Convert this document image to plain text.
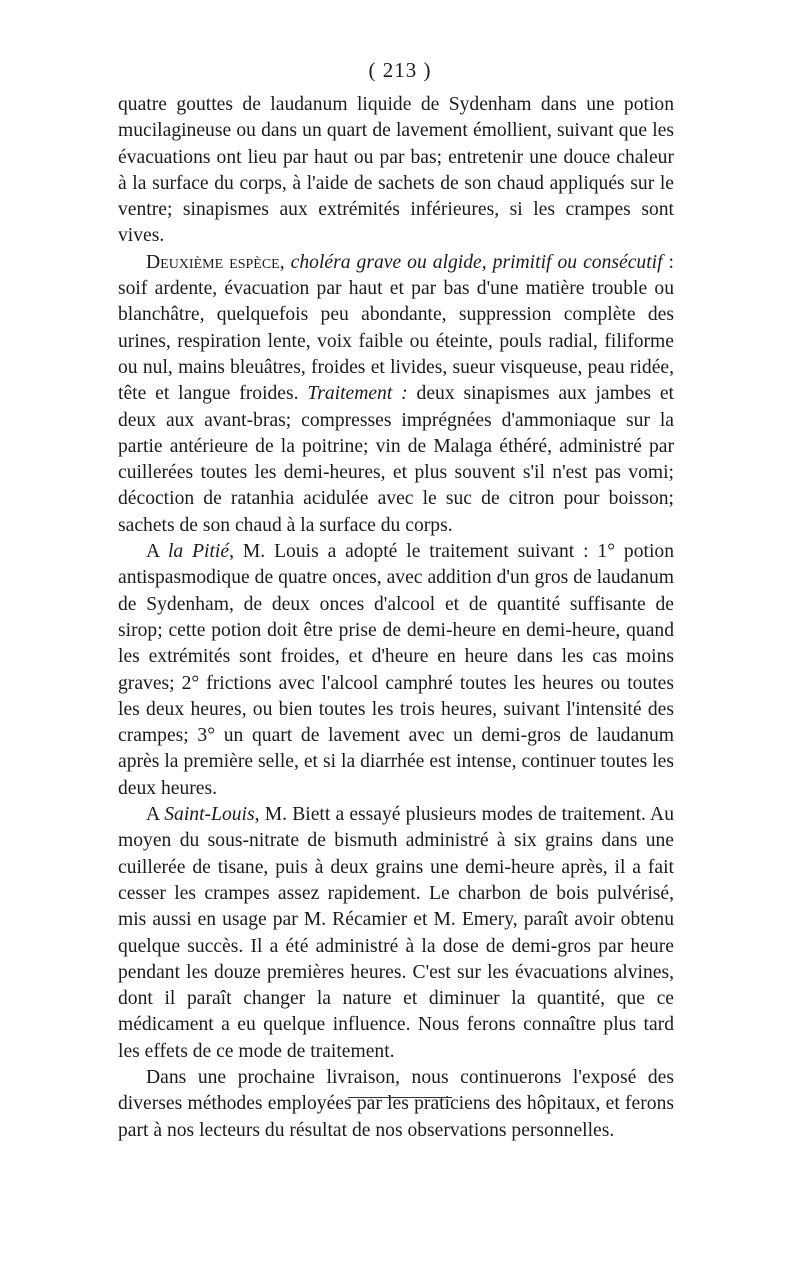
( 213 )

quatre gouttes de laudanum liquide de Sydenham dans une potion mucilagineuse ou dans un quart de lavement émollient, suivant que les évacuations ont lieu par haut ou par bas; entretenir une douce chaleur à la surface du corps, à l'aide de sachets de son chaud appliqués sur le ventre; sinapismes aux extrémités inférieures, si les crampes sont vives.

Deuxième espèce, choléra grave ou algide, primitif ou consécutif : soif ardente, évacuation par haut et par bas d'une matière trouble ou blanchâtre, quelquefois peu abondante, suppression complète des urines, respiration lente, voix faible ou éteinte, pouls radial, filiforme ou nul, mains bleuâtres, froides et livides, sueur visqueuse, peau ridée, tête et langue froides. Traitement : deux sinapismes aux jambes et deux aux avant-bras; compresses imprégnées d'ammoniaque sur la partie antérieure de la poitrine; vin de Malaga éthéré, administré par cuillerées toutes les demi-heures, et plus souvent s'il n'est pas vomi; décoction de ratanhia acidulée avec le suc de citron pour boisson; sachets de son chaud à la surface du corps.

A la Pitié, M. Louis a adopté le traitement suivant : 1° potion antispasmodique de quatre onces, avec addition d'un gros de laudanum de Sydenham, de deux onces d'alcool et de quantité suffisante de sirop; cette potion doit être prise de demi-heure en demi-heure, quand les extrémités sont froides, et d'heure en heure dans les cas moins graves; 2° frictions avec l'alcool camphré toutes les heures ou toutes les deux heures, ou bien toutes les trois heures, suivant l'intensité des crampes; 3° un quart de lavement avec un demi-gros de laudanum après la première selle, et si la diarrhée est intense, continuer toutes les deux heures.

A Saint-Louis, M. Biett a essayé plusieurs modes de traitement. Au moyen du sous-nitrate de bismuth administré à six grains dans une cuillerée de tisane, puis à deux grains une demi-heure après, il a fait cesser les crampes assez rapidement. Le charbon de bois pulvérisé, mis aussi en usage par M. Récamier et M. Emery, paraît avoir obtenu quelque succès. Il a été administré à la dose de demi-gros par heure pendant les douze premières heures. C'est sur les évacuations alvines, dont il paraît changer la nature et diminuer la quantité, que ce médicament a eu quelque influence. Nous ferons connaître plus tard les effets de ce mode de traitement.

Dans une prochaine livraison, nous continuerons l'exposé des diverses méthodes employées par les praticiens des hôpitaux, et ferons part à nos lecteurs du résultat de nos observations personnelles.
